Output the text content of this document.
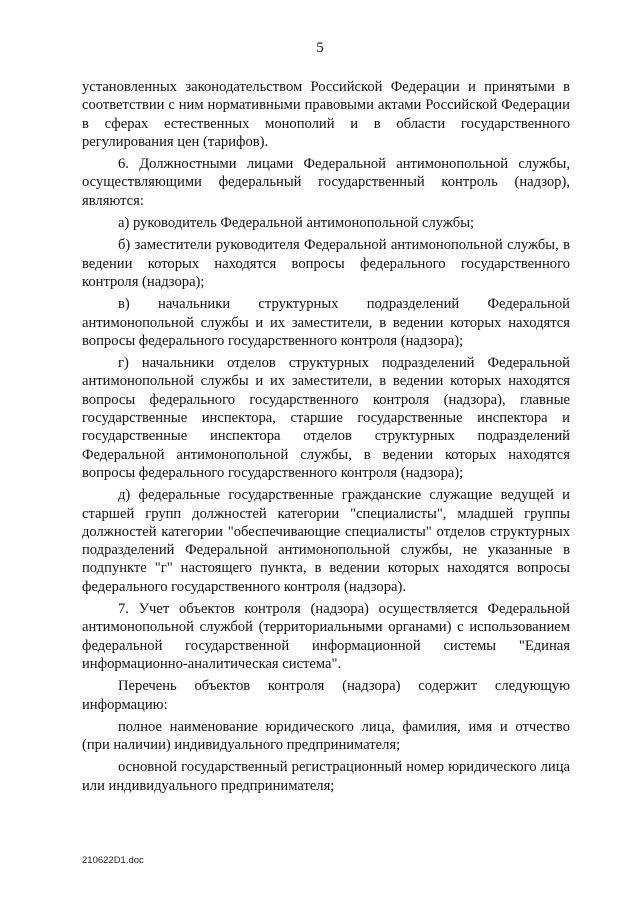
5

установленных законодательством Российской Федерации и принятыми в соответствии с ним нормативными правовыми актами Российской Федерации в сферах естественных монополий и в области государственного регулирования цен (тарифов).

6. Должностными лицами Федеральной антимонопольной службы, осуществляющими федеральный государственный контроль (надзор), являются:

а) руководитель Федеральной антимонопольной службы;

б) заместители руководителя Федеральной антимонопольной службы, в ведении которых находятся вопросы федерального государственного контроля (надзора);

в) начальники структурных подразделений Федеральной антимонопольной службы и их заместители, в ведении которых находятся вопросы федерального государственного контроля (надзора);

г) начальники отделов структурных подразделений Федеральной антимонопольной службы и их заместители, в ведении которых находятся вопросы федерального государственного контроля (надзора), главные государственные инспектора, старшие государственные инспектора и государственные инспектора отделов структурных подразделений Федеральной антимонопольной службы, в ведении которых находятся вопросы федерального государственного контроля (надзора);

д) федеральные государственные гражданские служащие ведущей и старшей групп должностей категории "специалисты", младшей группы должностей категории "обеспечивающие специалисты" отделов структурных подразделений Федеральной антимонопольной службы, не указанные в подпункте "г" настоящего пункта, в ведении которых находятся вопросы федерального государственного контроля (надзора).

7. Учет объектов контроля (надзора) осуществляется Федеральной антимонопольной службой (территориальными органами) с использованием федеральной государственной информационной системы "Единая информационно-аналитическая система".

Перечень объектов контроля (надзора) содержит следующую информацию:

полное наименование юридического лица, фамилия, имя и отчество (при наличии) индивидуального предпринимателя;

основной государственный регистрационный номер юридического лица или индивидуального предпринимателя;

210622D1.doc
